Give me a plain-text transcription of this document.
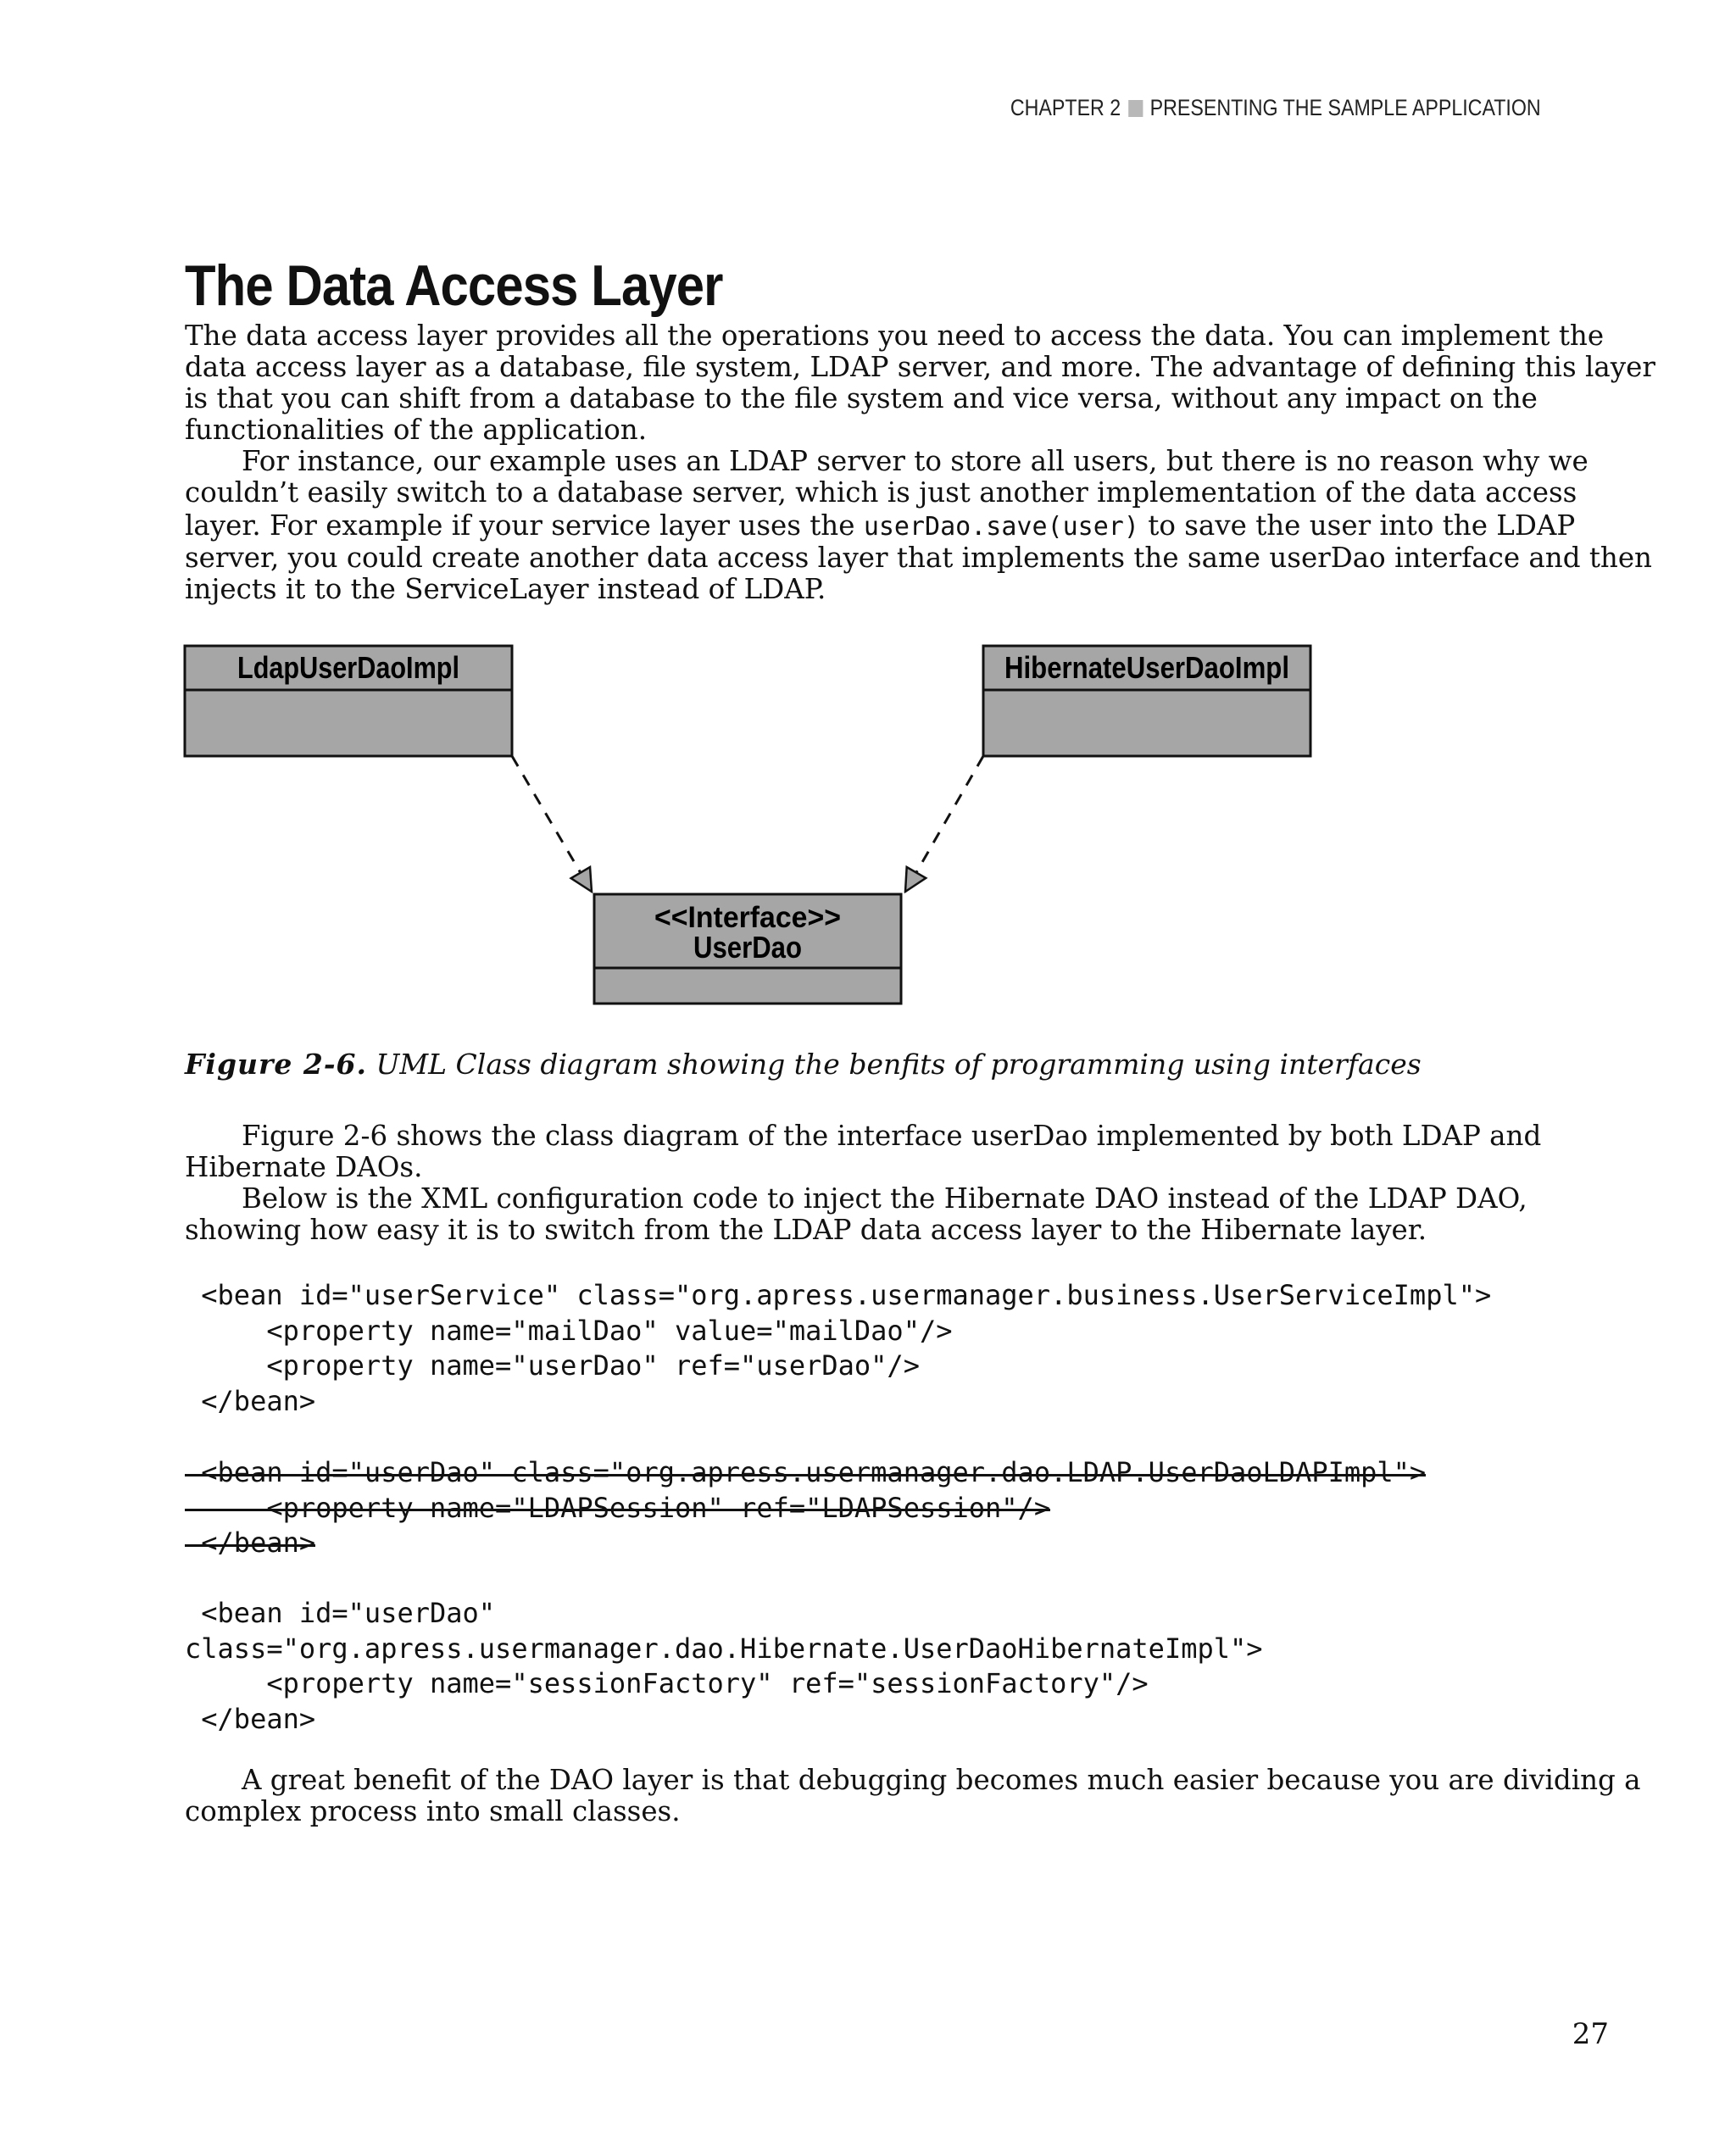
CHAPTER 2 PRESENTING THE SAMPLE APPLICATION
The Data Access Layer
The data access layer provides all the operations you need to access the data. You can implement the
data access layer as a database, file system, LDAP server, and more. The advantage of defining this layer
is that you can shift from a database to the file system and vice versa, without any impact on the
functionalities of the application.
For instance, our example uses an LDAP server to store all users, but there is no reason why we
couldn’t easily switch to a database server, which is just another implementation of the data access
layer. For example if your service layer uses the userDao.save(user) to save the user into the LDAP
server, you could create another data access layer that implements the same userDao interface and then
injects it to the ServiceLayer instead of LDAP.
LdapUserDaoImpl	HibernateUserDaoImpl
<<Interface>>
UserDao
Figure 2-6. UML Class diagram showing the benfits of programming using interfaces
Figure 2-6 shows the class diagram of the interface userDao implemented by both LDAP and
Hibernate DAOs.
Below is the XML configuration code to inject the Hibernate DAO instead of the LDAP DAO,
showing how easy it is to switch from the LDAP data access layer to the Hibernate layer.
<bean id="userService" class="org.apress.usermanager.business.UserServiceImpl">
<property name="mailDao" value="mailDao"/>
<property name="userDao" ref="userDao"/>
</bean>
<bean id="userDao" class="org.apress.usermanager.dao.LDAP.UserDaoLDAPImpl">
<property name="LDAPSession" ref="LDAPSession"/>
</bean>
<bean id="userDao"
class="org.apress.usermanager.dao.Hibernate.UserDaoHibernateImpl">
<property name="sessionFactory" ref="sessionFactory"/>
</bean>
A great benefit of the DAO layer is that debugging becomes much easier because you are dividing a
complex process into small classes.
27
